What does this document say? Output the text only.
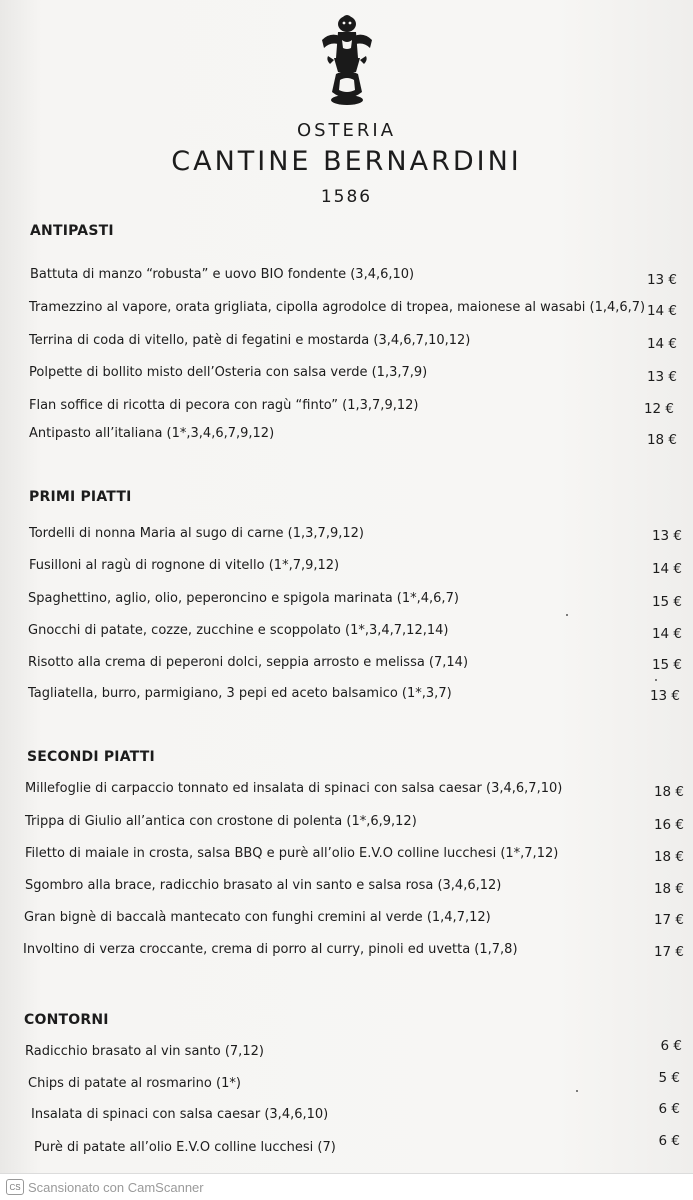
OSTERIA
CANTINE BERNARDINI
1586
ANTIPASTI
Battuta di manzo “robusta” e uovo BIO fondente (3,4,6,10)	13 €
Tramezzino al vapore, orata grigliata, cipolla agrodolce di tropea, maionese al wasabi (1,4,6,7) 14 €
Terrina di coda di vitello, patè di fegatini e mostarda (3,4,6,7,10,12)	14 €
Polpette di bollito misto dell’Osteria con salsa verde (1,3,7,9)	13 €
Flan soffice di ricotta di pecora con ragù “finto” (1,3,7,9,12)	12 €
Antipasto all’italiana (1*,3,4,6,7,9,12)	18 €
PRIMI PIATTI
Tordelli di nonna Maria al sugo di carne (1,3,7,9,12)	13 €
Fusilloni al ragù di rognone di vitello (1*,7,9,12)	14 €
Spaghettino, aglio, olio, peperoncino e spigola marinata (1*,4,6,7)	15 €
Gnocchi di patate, cozze, zucchine e scoppolato (1*,3,4,7,12,14)	14 €
Risotto alla crema di peperoni dolci, seppia arrosto e melissa (7,14)	15 €
Tagliatella, burro, parmigiano, 3 pepi ed aceto balsamico (1*,3,7)	13 €
SECONDI PIATTI
Millefoglie di carpaccio tonnato ed insalata di spinaci con salsa caesar (3,4,6,7,10)	18 €
Trippa di Giulio all’antica con crostone di polenta (1*,6,9,12)	16 €
Filetto di maiale in crosta, salsa BBQ e purè all’olio E.V.O colline lucchesi (1*,7,12)	18 €
Sgombro alla brace, radicchio brasato al vin santo e salsa rosa (3,4,6,12)	18 €
Gran bignè di baccalà mantecato con funghi cremini al verde (1,4,7,12)	17 €
Involtino di verza croccante, crema di porro al curry, pinoli ed uvetta (1,7,8)	17 €
CONTORNI
Radicchio brasato al vin santo (7,12)	6 €
Chips di patate al rosmarino (1*)	5 €
Insalata di spinaci con salsa caesar (3,4,6,10)	6 €
Purè di patate all’olio E.V.O colline lucchesi (7)	6 €
CS Scansionato con CamScanner
